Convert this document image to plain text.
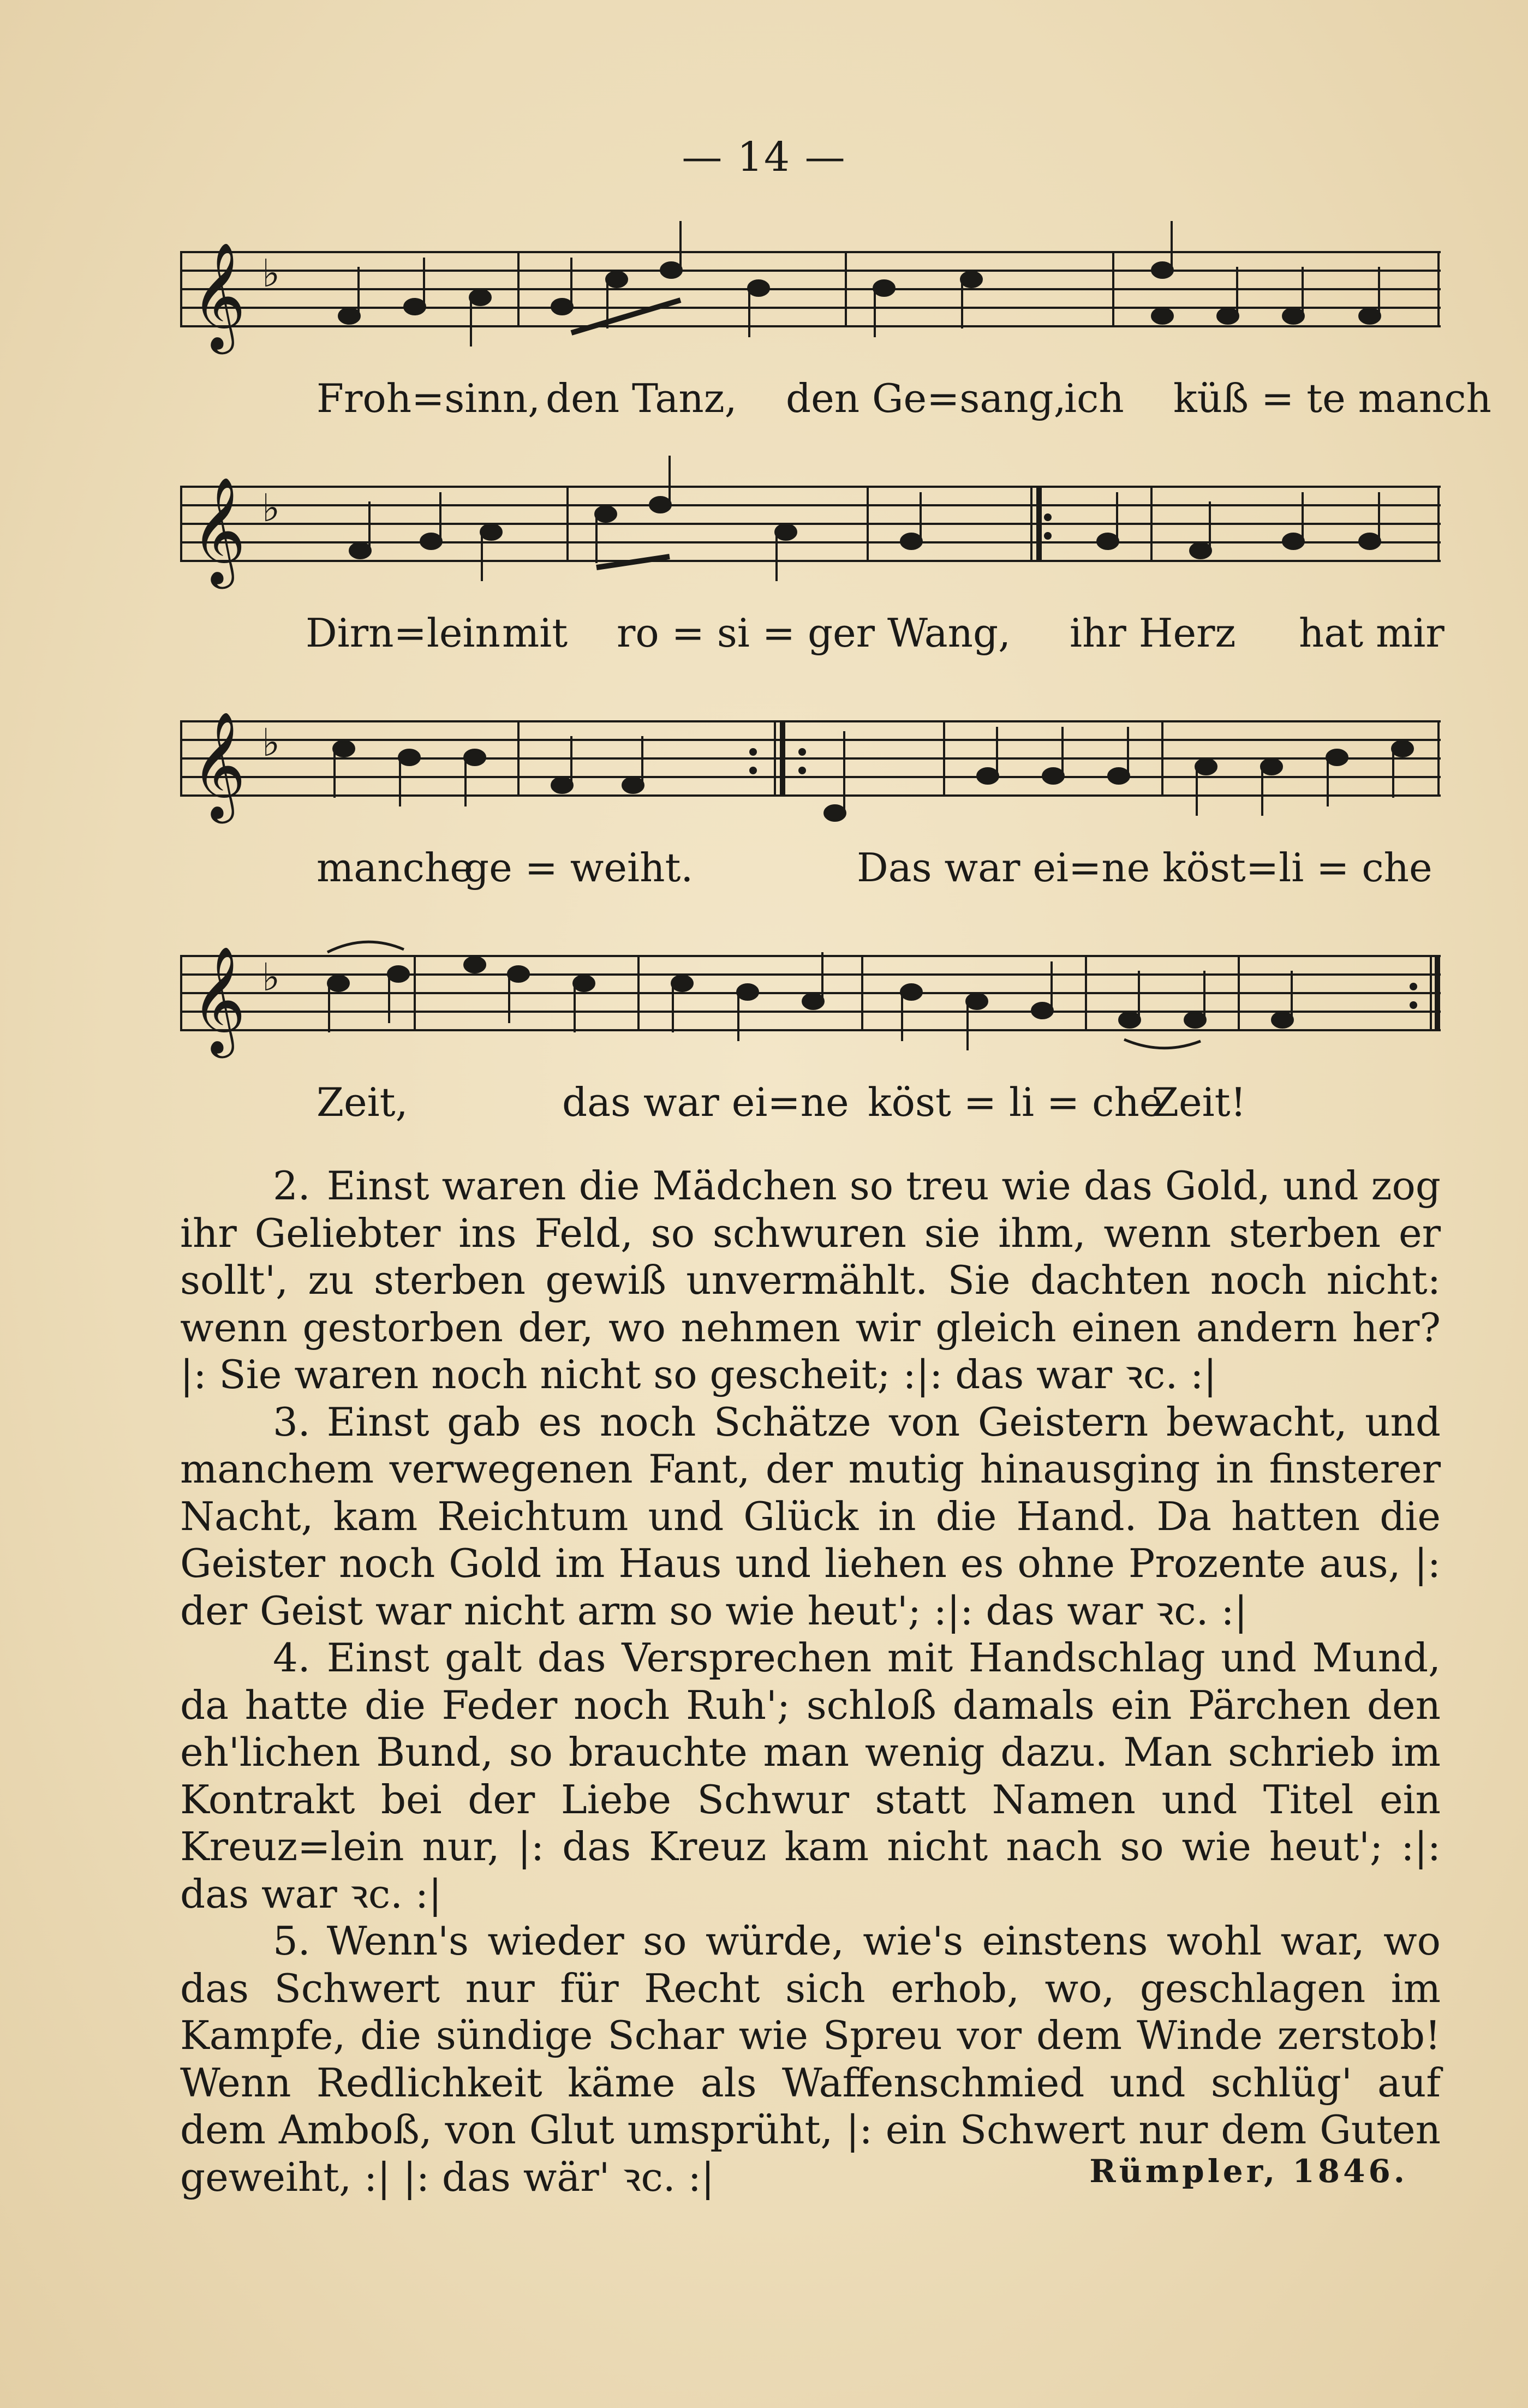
— 14 —
𝄞 ♭
Froh=sinn, den Tanz, den Ge=sang,
ich küß = te manch
𝄞 ♭
Dirn=lein mit ro = si = ger Wang, ihr Herz hat mir
𝄞 ♭
manche
ge = weiht.	Das war ei=ne köst=li = che
𝄞 ♭
Zeit,	das war ei=ne köst = li = che
Zeit!

2. Einst waren die Mädchen so treu wie das Gold, und zog ihr Geliebter ins Feld, so schwuren sie ihm, wenn sterben er sollt', zu sterben gewiß unvermählt. Sie dachten noch nicht: wenn gestorben der, wo nehmen wir gleich einen andern her? |: Sie waren noch nicht so gescheit; :|: das war ꝛc. :|

3. Einst gab es noch Schätze von Geistern bewacht, und manchem verwegenen Fant, der mutig hinausging in finsterer Nacht, kam Reichtum und Glück in die Hand. Da hatten die Geister noch Gold im Haus und liehen es ohne Prozente aus, |: der Geist war nicht arm so wie heut'; :|: das war ꝛc. :|

4. Einst galt das Versprechen mit Handschlag und Mund, da hatte die Feder noch Ruh'; schloß damals ein Pärchen den eh'lichen Bund, so brauchte man wenig dazu. Man schrieb im Kontrakt bei der Liebe Schwur statt Namen und Titel ein Kreuz=lein nur, |: das Kreuz kam nicht nach so wie heut'; :|: das war ꝛc. :|

5. Wenn's wieder so würde, wie's einstens wohl war, wo das Schwert nur für Recht sich erhob, wo, geschlagen im Kampfe, die sündige Schar wie Spreu vor dem Winde zerstob! Wenn Redlichkeit käme als Waffenschmied und schlüg' auf dem Amboß, von Glut umsprüht, |: ein Schwert nur dem Guten geweiht, :| |: das wär' ꝛc. :|	Rümpler, 1846.
